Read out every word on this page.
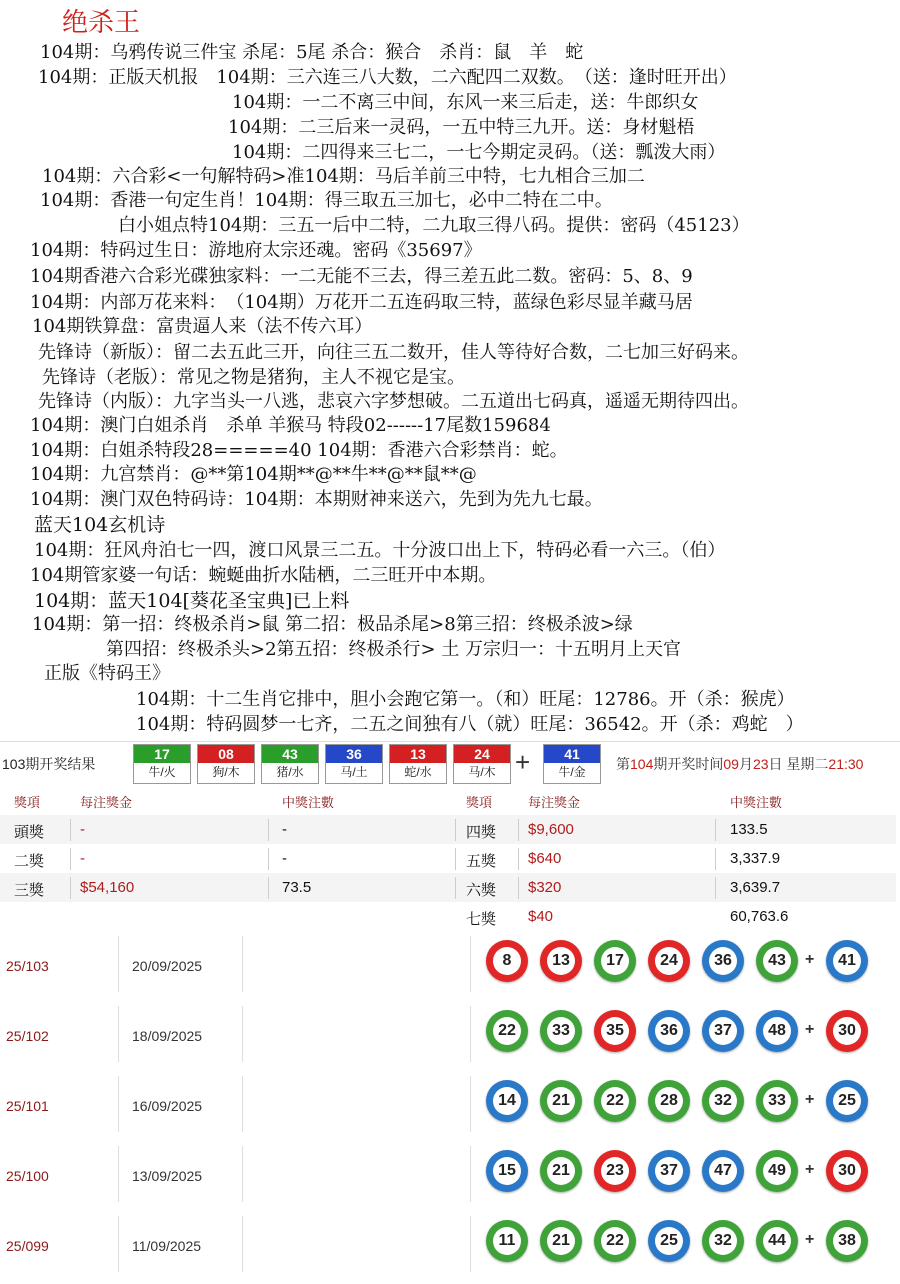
绝杀王
104期：乌鸦传说三件宝 杀尾：5尾 杀合：猴合　杀肖：鼠　羊　蛇
104期：正版天机报　104期：三六连三八大数，二六配四二双数。　（送：逢时旺开出）
104期：一二不离三中间，东风一来三后走，送：牛郎织女
104期：二三后来一灵码，一五中特三九开。送：身材魁梧
104期：二四得来三七二，一七今期定灵码。（送：瓢泼大雨）
104期：六合彩<一句解特码>准104期：马后羊前三中特，七九相合三加二
104期：香港一句定生肖！104期：得三取五三加七，必中二特在二中。
白小姐点特104期：三五一后中二特，二九取三得八码。提供：密码（45123）
104期：特码过生日：游地府太宗还魂。密码《35697》
104期香港六合彩光碟独家料：一二无能不三去，得三差五此二数。密码：5、8、9
104期：内部万花来料：　（104期）万花开二五连码取三特，蓝绿色彩尽显羊藏马居
104期铁算盘：富贵逼人来（法不传六耳）
先锋诗（新版）：留二去五此三开，向往三五二数开，佳人等待好合数，二七加三好码来。
先锋诗（老版）：常见之物是猪狗，主人不视它是宝。
先锋诗（内版）：九字当头一八逃，悲哀六字梦想破。二五道出七码真，遥遥无期待四出。
104期：澳门白姐杀肖　杀单 羊猴马 特段02------17尾数159684
104期：白姐杀特段28=====40 104期：香港六合彩禁肖：蛇。
104期：九宫禁肖：@**第104期**@**牛**@**鼠**@
104期：澳门双色特码诗：104期：本期财神来送六，先到为先九七最。
蓝天104玄机诗
104期：狂风舟泊七一四，渡口风景三二五。十分波口出上下，特码必看一六三。（伯）
104期管家婆一句话：蜿蜒曲折水陆栖，二三旺开中本期。
104期：蓝天104[葵花圣宝典]已上料
104期：第一招：终极杀肖>鼠 第二招：极品杀尾>8第三招：终极杀波>绿
第四招：终极杀头>2第五招：终极杀行> 土 万宗归一：十五明月上天官
正版《特码王》
104期：十二生肖它排中，胆小会跑它第一。（和）旺尾：12786。开（杀：猴虎）
104期：特码圆梦一七齐，二五之间独有八（就）旺尾：36542。开（杀：鸡蛇　）
103期开奖结果
17
牛/火
08
狗/木
43
猪/水
36
马/土
13
蛇/水
24
马/木 +	41
牛/金	第104期开奖时间09月23日 星期二21:30
獎項	每注獎金	中獎注數	獎項	每注獎金	中獎注數
頭獎 -	-	四獎 $9,600	133.5
二獎 -	-	五獎 $640	3,337.9
三獎 $54,160	73.5	六獎 $320	3,639.7
七獎 $40	60,763.6
25/103	20/09/2025	8	13	17	24	36	43	+	41
25/102	18/09/2025	22	33	35	36	37	48	+	30
25/101	16/09/2025	14	21	22	28	32	33	+	25
25/100	13/09/2025	15	21	23	37	47	49	+	30
25/099	11/09/2025	11	21	22	25	32	44	+	38
